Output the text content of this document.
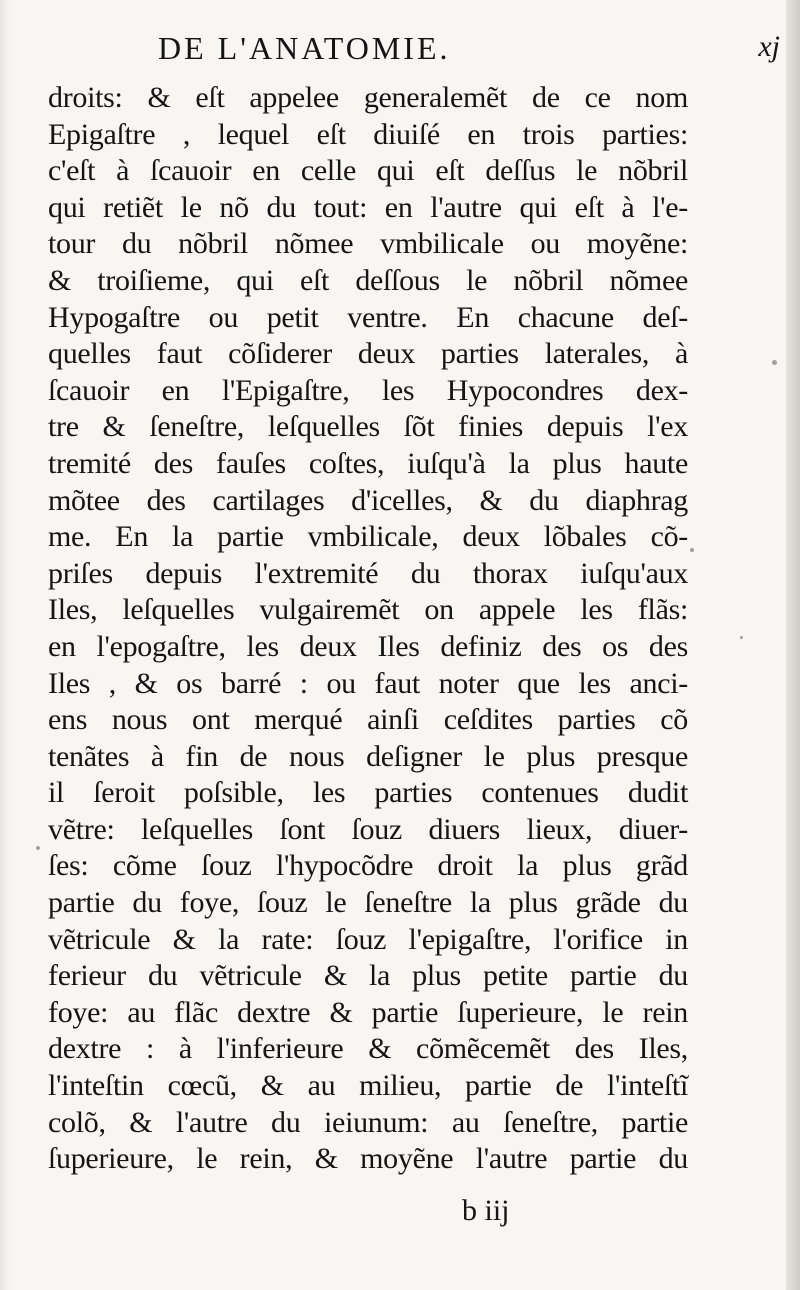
DE L'ANATOMIE.	xj
droits: & eſt appelee generalemẽt de ce nom
Epigaſtre , lequel eſt diuiſé en trois parties:
c'eſt à ſcauoir en celle qui eſt deſſus le nõbril
qui retiẽt le nõ du tout: en l'autre qui eſt à l'e-
tour du nõbril nõmee vmbilicale ou moyẽne:
& troiſieme, qui eſt deſſous le nõbril nõmee
Hypogaſtre ou petit ventre. En chacune deſ-
quelles faut cõſiderer deux parties laterales, à
ſcauoir en l'Epigaſtre, les Hypocondres dex-
tre & ſeneſtre, leſquelles ſõt finies depuis l'ex
tremité des fauſes coſtes, iuſqu'à la plus haute
mõtee des cartilages d'icelles, & du diaphrag
me. En la partie vmbilicale, deux lõbales cõ-
priſes depuis l'extremité du thorax iuſqu'aux
Iles, leſquelles vulgairemẽt on appele les flãs:
en l'epogaſtre, les deux Iles definiz des os des
Iles , & os barré : ou faut noter que les anci-
ens nous ont merqué ainſi ceſdites parties cõ
tenãtes à fin de nous deſigner le plus presque
il ſeroit poſsible, les parties contenues dudit
vẽtre: leſquelles ſont ſouz diuers lieux, diuer-
ſes: cõme ſouz l'hypocõdre droit la plus grãd
partie du foye, ſouz le ſeneſtre la plus grãde du
vẽtricule & la rate: ſouz l'epigaſtre, l'orifice in
ferieur du vẽtricule & la plus petite partie du
foye: au flãc dextre & partie ſuperieure, le rein
dextre : à l'inferieure & cõmẽcemẽt des Iles,
l'inteſtin cœcũ, & au milieu, partie de l'inteſtĩ
colõ, & l'autre du ieiunum: au ſeneſtre, partie
ſuperieure, le rein, & moyẽne l'autre partie du
b iij
